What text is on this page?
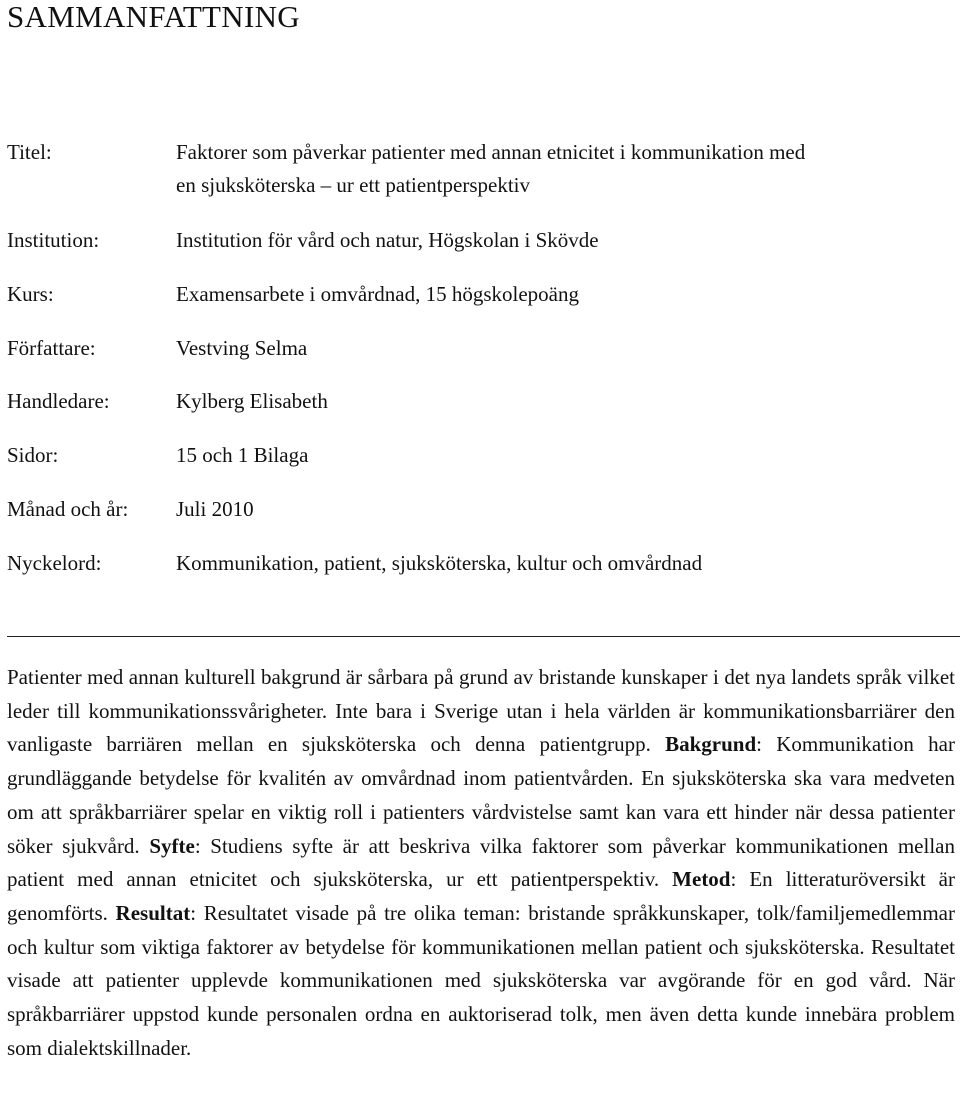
SAMMANFATTNING
Titel:	Faktorer som påverkar patienter med annan etnicitet i kommunikation med
en sjuksköterska – ur ett patientperspektiv
Institution:	Institution för vård och natur, Högskolan i Skövde
Kurs:	Examensarbete i omvårdnad, 15 högskolepoäng
Författare:	Vestving Selma
Handledare:	Kylberg Elisabeth
Sidor:	15 och 1 Bilaga
Månad och år: Juli 2010
Nyckelord:	Kommunikation, patient, sjuksköterska, kultur och omvårdnad

Patienter med annan kulturell bakgrund är sårbara på grund av bristande kunskaper i det nya landets språk vilket leder till kommunikationssvårigheter. Inte bara i Sverige utan i hela världen är kommunikationsbarriärer den vanligaste barriären mellan en sjuksköterska och denna patientgrupp. Bakgrund: Kommunikation har grundläggande betydelse för kvalitén av omvårdnad inom patientvården. En sjuksköterska ska vara medveten om att språkbarriärer spelar en viktig roll i patienters vårdvistelse samt kan vara ett hinder när dessa patienter söker sjukvård. Syfte: Studiens syfte är att beskriva vilka faktorer som påverkar kommunikationen mellan patient med annan etnicitet och sjuksköterska, ur ett patientperspektiv. Metod: En litteraturöversikt är genomförts. Resultat: Resultatet visade på tre olika teman: bristande språkkunskaper, tolk/familjemedlemmar och kultur som viktiga faktorer av betydelse för kommunikationen mellan patient och sjuksköterska. Resultatet visade att patienter upplevde kommunikationen med sjuksköterska var avgörande för en god vård. När språkbarriärer uppstod kunde personalen ordna en auktoriserad tolk, men även detta kunde innebära problem som dialektskillnader.
